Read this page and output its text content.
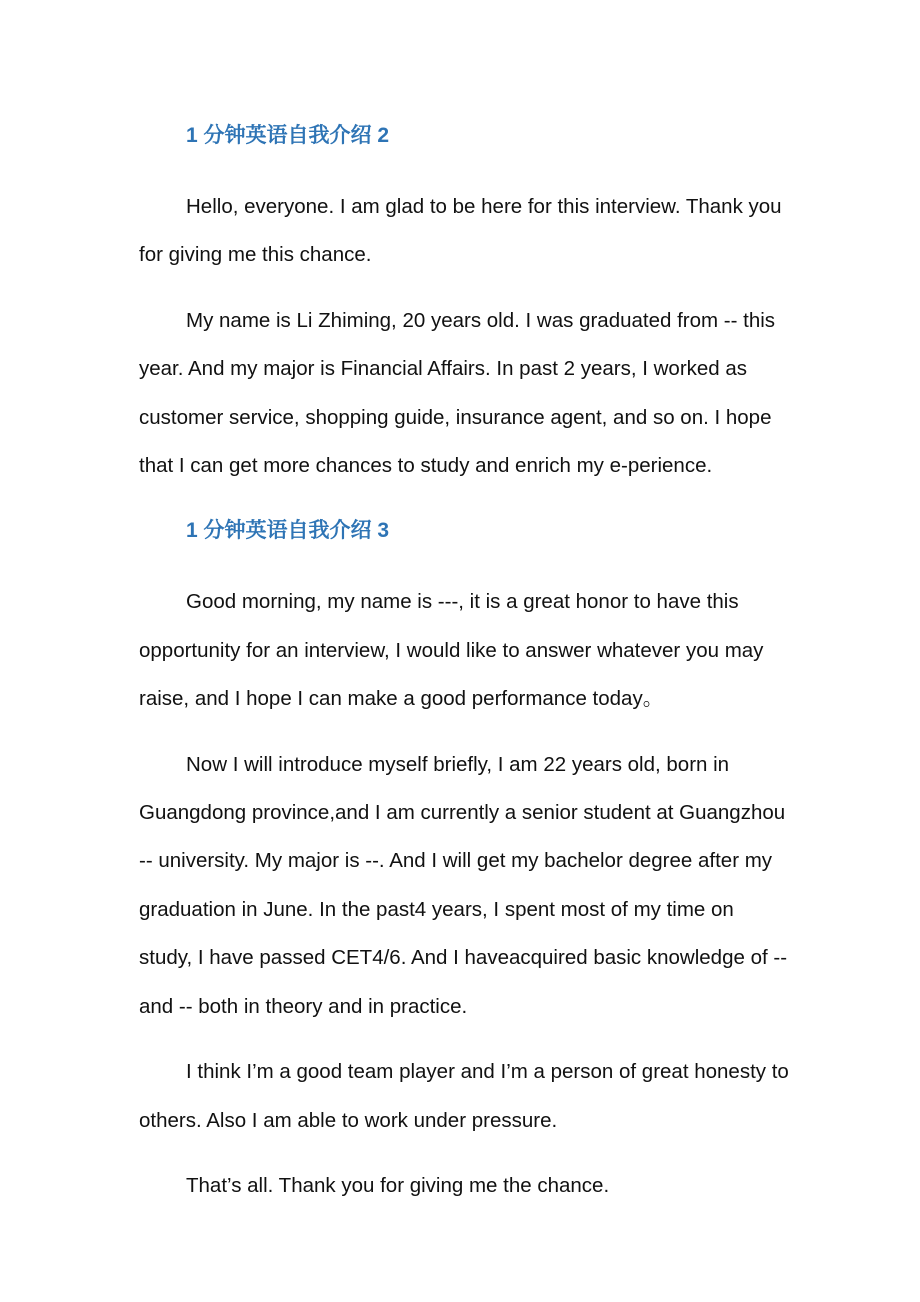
1 分钟英语自我介绍 2

Hello, everyone. I am glad to be here for this interview. Thank you for giving me this chance.

My name is Li Zhiming, 20 years old. I was graduated from -- this year. And my major is Financial Affairs. In past 2 years, I worked as customer service, shopping guide, insurance agent, and so on. I hope that I can get more chances to study and enrich my e-perience.

1 分钟英语自我介绍 3

Good morning, my name is ---, it is a great honor to have this opportunity for an interview, I would like to answer whatever you may raise, and I hope I can make a good performance today。

Now I will introduce myself briefly, I am 22 years old, born in Guangdong province,and I am currently a senior student at Guangzhou -- university. My major is --. And I will get my bachelor degree after my graduation in June. In the past4 years, I spent most of my time on study, I have passed CET4/6. And I haveacquired basic knowledge of -- and -- both in theory and in practice.

I think I’m a good team player and I’m a person of great honesty to others. Also I am able to work under pressure.

That’s all. Thank you for giving me the chance.
